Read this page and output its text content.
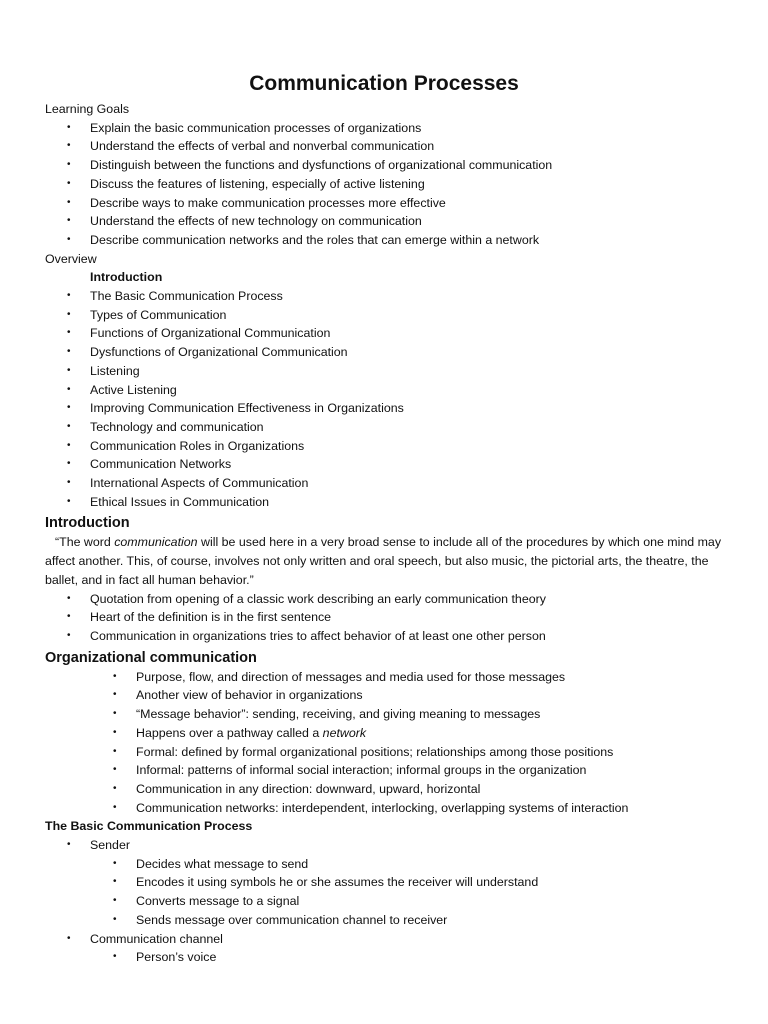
Communication Processes
Learning Goals
• Explain the basic communication processes of organizations
• Understand the effects of verbal and nonverbal communication
• Distinguish between the functions and dysfunctions of organizational communication
• Discuss the features of listening, especially of active listening
• Describe ways to make communication processes more effective
• Understand the effects of new technology on communication
• Describe communication networks and the roles that can emerge within a network
Overview
Introduction
• The Basic Communication Process
• Types of Communication
• Functions of Organizational Communication
• Dysfunctions of Organizational Communication
• Listening
• Active Listening
• Improving Communication Effectiveness in Organizations
• Technology and communication
• Communication Roles in Organizations
• Communication Networks
• International Aspects of Communication
• Ethical Issues in Communication
Introduction

“The word communication will be used here in a very broad sense to include all of the procedures by which one mind may affect another. This, of course, involves not only written and oral speech, but also music, the pictorial arts, the theatre, the ballet, and in fact all human behavior.”

• Quotation from opening of a classic work describing an early communication theory
• Heart of the definition is in the first sentence
• Communication in organizations tries to affect behavior of at least one other person
Organizational communication
• Purpose, flow, and direction of messages and media used for those messages
• Another view of behavior in organizations
• “Message behavior”: sending, receiving, and giving meaning to messages
• Happens over a pathway called a network
• Formal: defined by formal organizational positions; relationships among those positions
• Informal: patterns of informal social interaction; informal groups in the organization
• Communication in any direction: downward, upward, horizontal
• Communication networks: interdependent, interlocking, overlapping systems of interaction
The Basic Communication Process
• Sender
• Decides what message to send
• Encodes it using symbols he or she assumes the receiver will understand
• Converts message to a signal
• Sends message over communication channel to receiver
• Communication channel
• Person’s voice
